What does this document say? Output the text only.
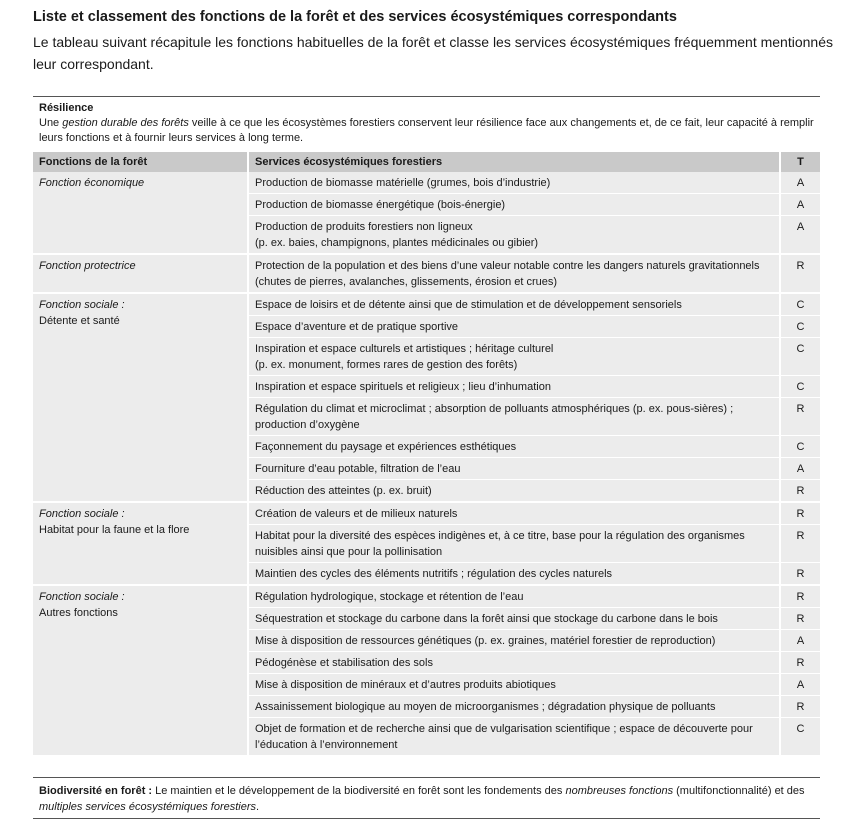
Liste et classement des fonctions de la forêt et des services écosystémiques correspondants
Le tableau suivant récapitule les fonctions habituelles de la forêt et classe les services écosystémiques fréquemment mentionnés leur correspondant.
Résilience
Une gestion durable des forêts veille à ce que les écosystèmes forestiers conservent leur résilience face aux changements et, de ce fait, leur capacité à remplir leurs fonctions et à fournir leurs services à long terme.
Fonctions de la forêt	Services écosystémiques forestiers	T

Fonction économique	Production de biomasse matérielle (grumes, bois d’industrie)	A
	Production de biomasse énergétique (bois-énergie)	A
	Production de produits forestiers non ligneux
(p. ex. baies, champignons, plantes médicinales ou gibier)	A

Fonction protectrice	Protection de la population et des biens d’une valeur notable contre les dangers naturels gravitationnels (chutes de pierres, avalanches, glissements, érosion et crues)	R

Fonction sociale :
Détente et santé	Espace de loisirs et de détente ainsi que de stimulation et de développement sensoriels	C
	Espace d’aventure et de pratique sportive	C
	Inspiration et espace culturels et artistiques ; héritage culturel
(p. ex. monument, formes rares de gestion des forêts)	C
	Inspiration et espace spirituels et religieux ; lieu d’inhumation	C
	Régulation du climat et microclimat ; absorption de polluants atmosphériques (p. ex. pous-sières) ; production d’oxygène	R
	Façonnement du paysage et expériences esthétiques	C
	Fourniture d’eau potable, filtration de l’eau	A
	Réduction des atteintes (p. ex. bruit)	R

Fonction sociale :
Habitat pour la faune et la flore	Création de valeurs et de milieux naturels	R
	Habitat pour la diversité des espèces indigènes et, à ce titre, base pour la régulation des organismes nuisibles ainsi que pour la pollinisation	R
	Maintien des cycles des éléments nutritifs ; régulation des cycles naturels	R

Fonction sociale :
Autres fonctions	Régulation hydrologique, stockage et rétention de l’eau	R
	Séquestration et stockage du carbone dans la forêt ainsi que stockage du carbone dans le bois	R
	Mise à disposition de ressources génétiques (p. ex. graines, matériel forestier de reproduction)	A
	Pédogénèse et stabilisation des sols	R
	Mise à disposition de minéraux et d’autres produits abiotiques	A
	Assainissement biologique au moyen de microorganismes ; dégradation physique de polluants	R
	Objet de formation et de recherche ainsi que de vulgarisation scientifique ; espace de découverte pour l’éducation à l’environnement	C
Biodiversité en forêt : Le maintien et le développement de la biodiversité en forêt sont les fondements des nombreuses fonctions (multifonctionnalité) et des multiples services écosystémiques forestiers.
